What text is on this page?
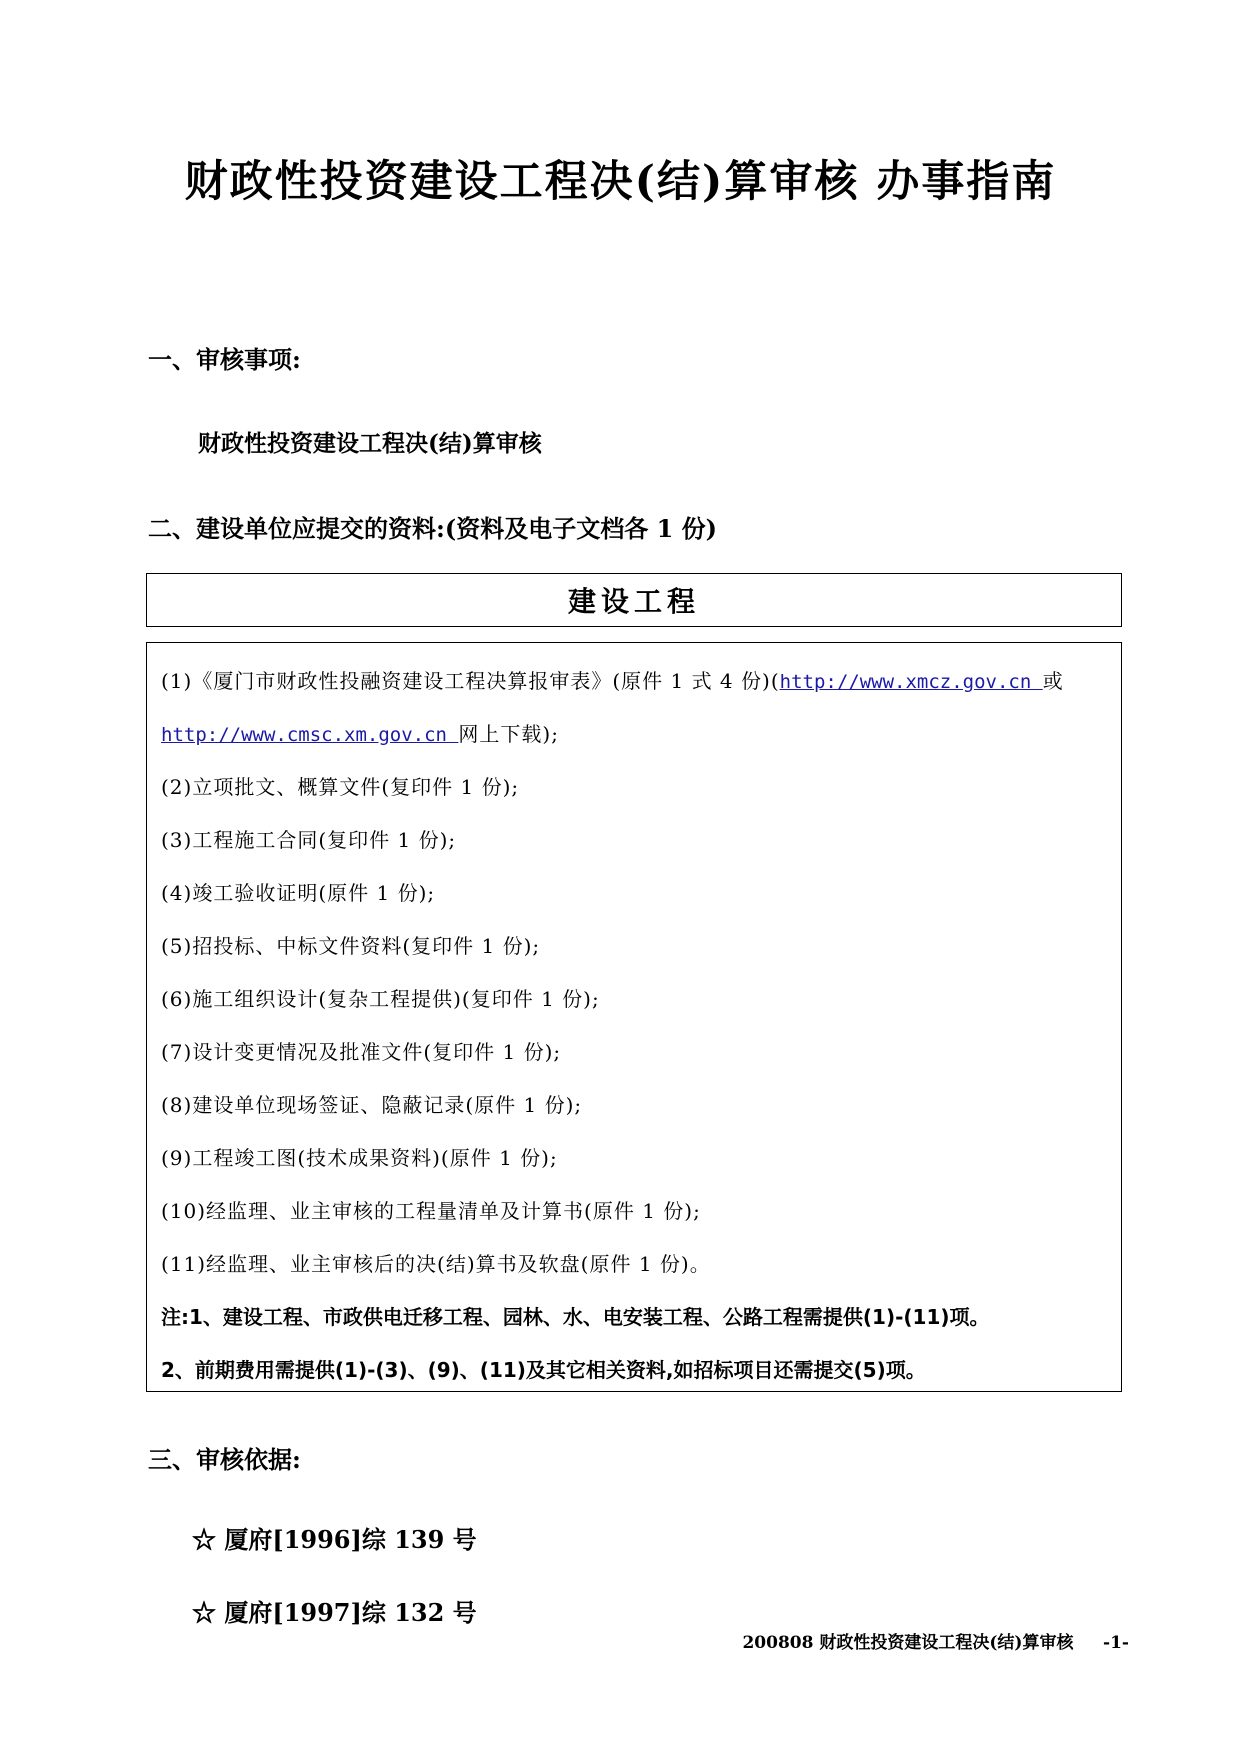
财政性投资建设工程决(结)算审核 办事指南
一、审核事项:
财政性投资建设工程决(结)算审核
二、建设单位应提交的资料:(资料及电子文档各 1 份)
建设工程
(1)《厦门市财政性投融资建设工程决算报审表》(原件 1 式 4 份)(http://www.xmcz.gov.cn 或
http://www.cmsc.xm.gov.cn 网上下载);
(2)立项批文、概算文件(复印件 1 份);
(3)工程施工合同(复印件 1 份);
(4)竣工验收证明(原件 1 份);
(5)招投标、中标文件资料(复印件 1 份);
(6)施工组织设计(复杂工程提供)(复印件 1 份);
(7)设计变更情况及批准文件(复印件 1 份);
(8)建设单位现场签证、隐蔽记录(原件 1 份);
(9)工程竣工图(技术成果资料)(原件 1 份);
(10)经监理、业主审核的工程量清单及计算书(原件 1 份);
(11)经监理、业主审核后的决(结)算书及软盘(原件 1 份)。
注:1、建设工程、市政供电迁移工程、园林、水、电安装工程、公路工程需提供(1)-(11)项。
2、前期费用需提供(1)-(3)、(9)、(11)及其它相关资料,如招标项目还需提交(5)项。
三、审核依据:
☆ 厦府[1996]综 139 号
☆ 厦府[1997]综 132 号
200808 财政性投资建设工程决(结)算审核 -1-
